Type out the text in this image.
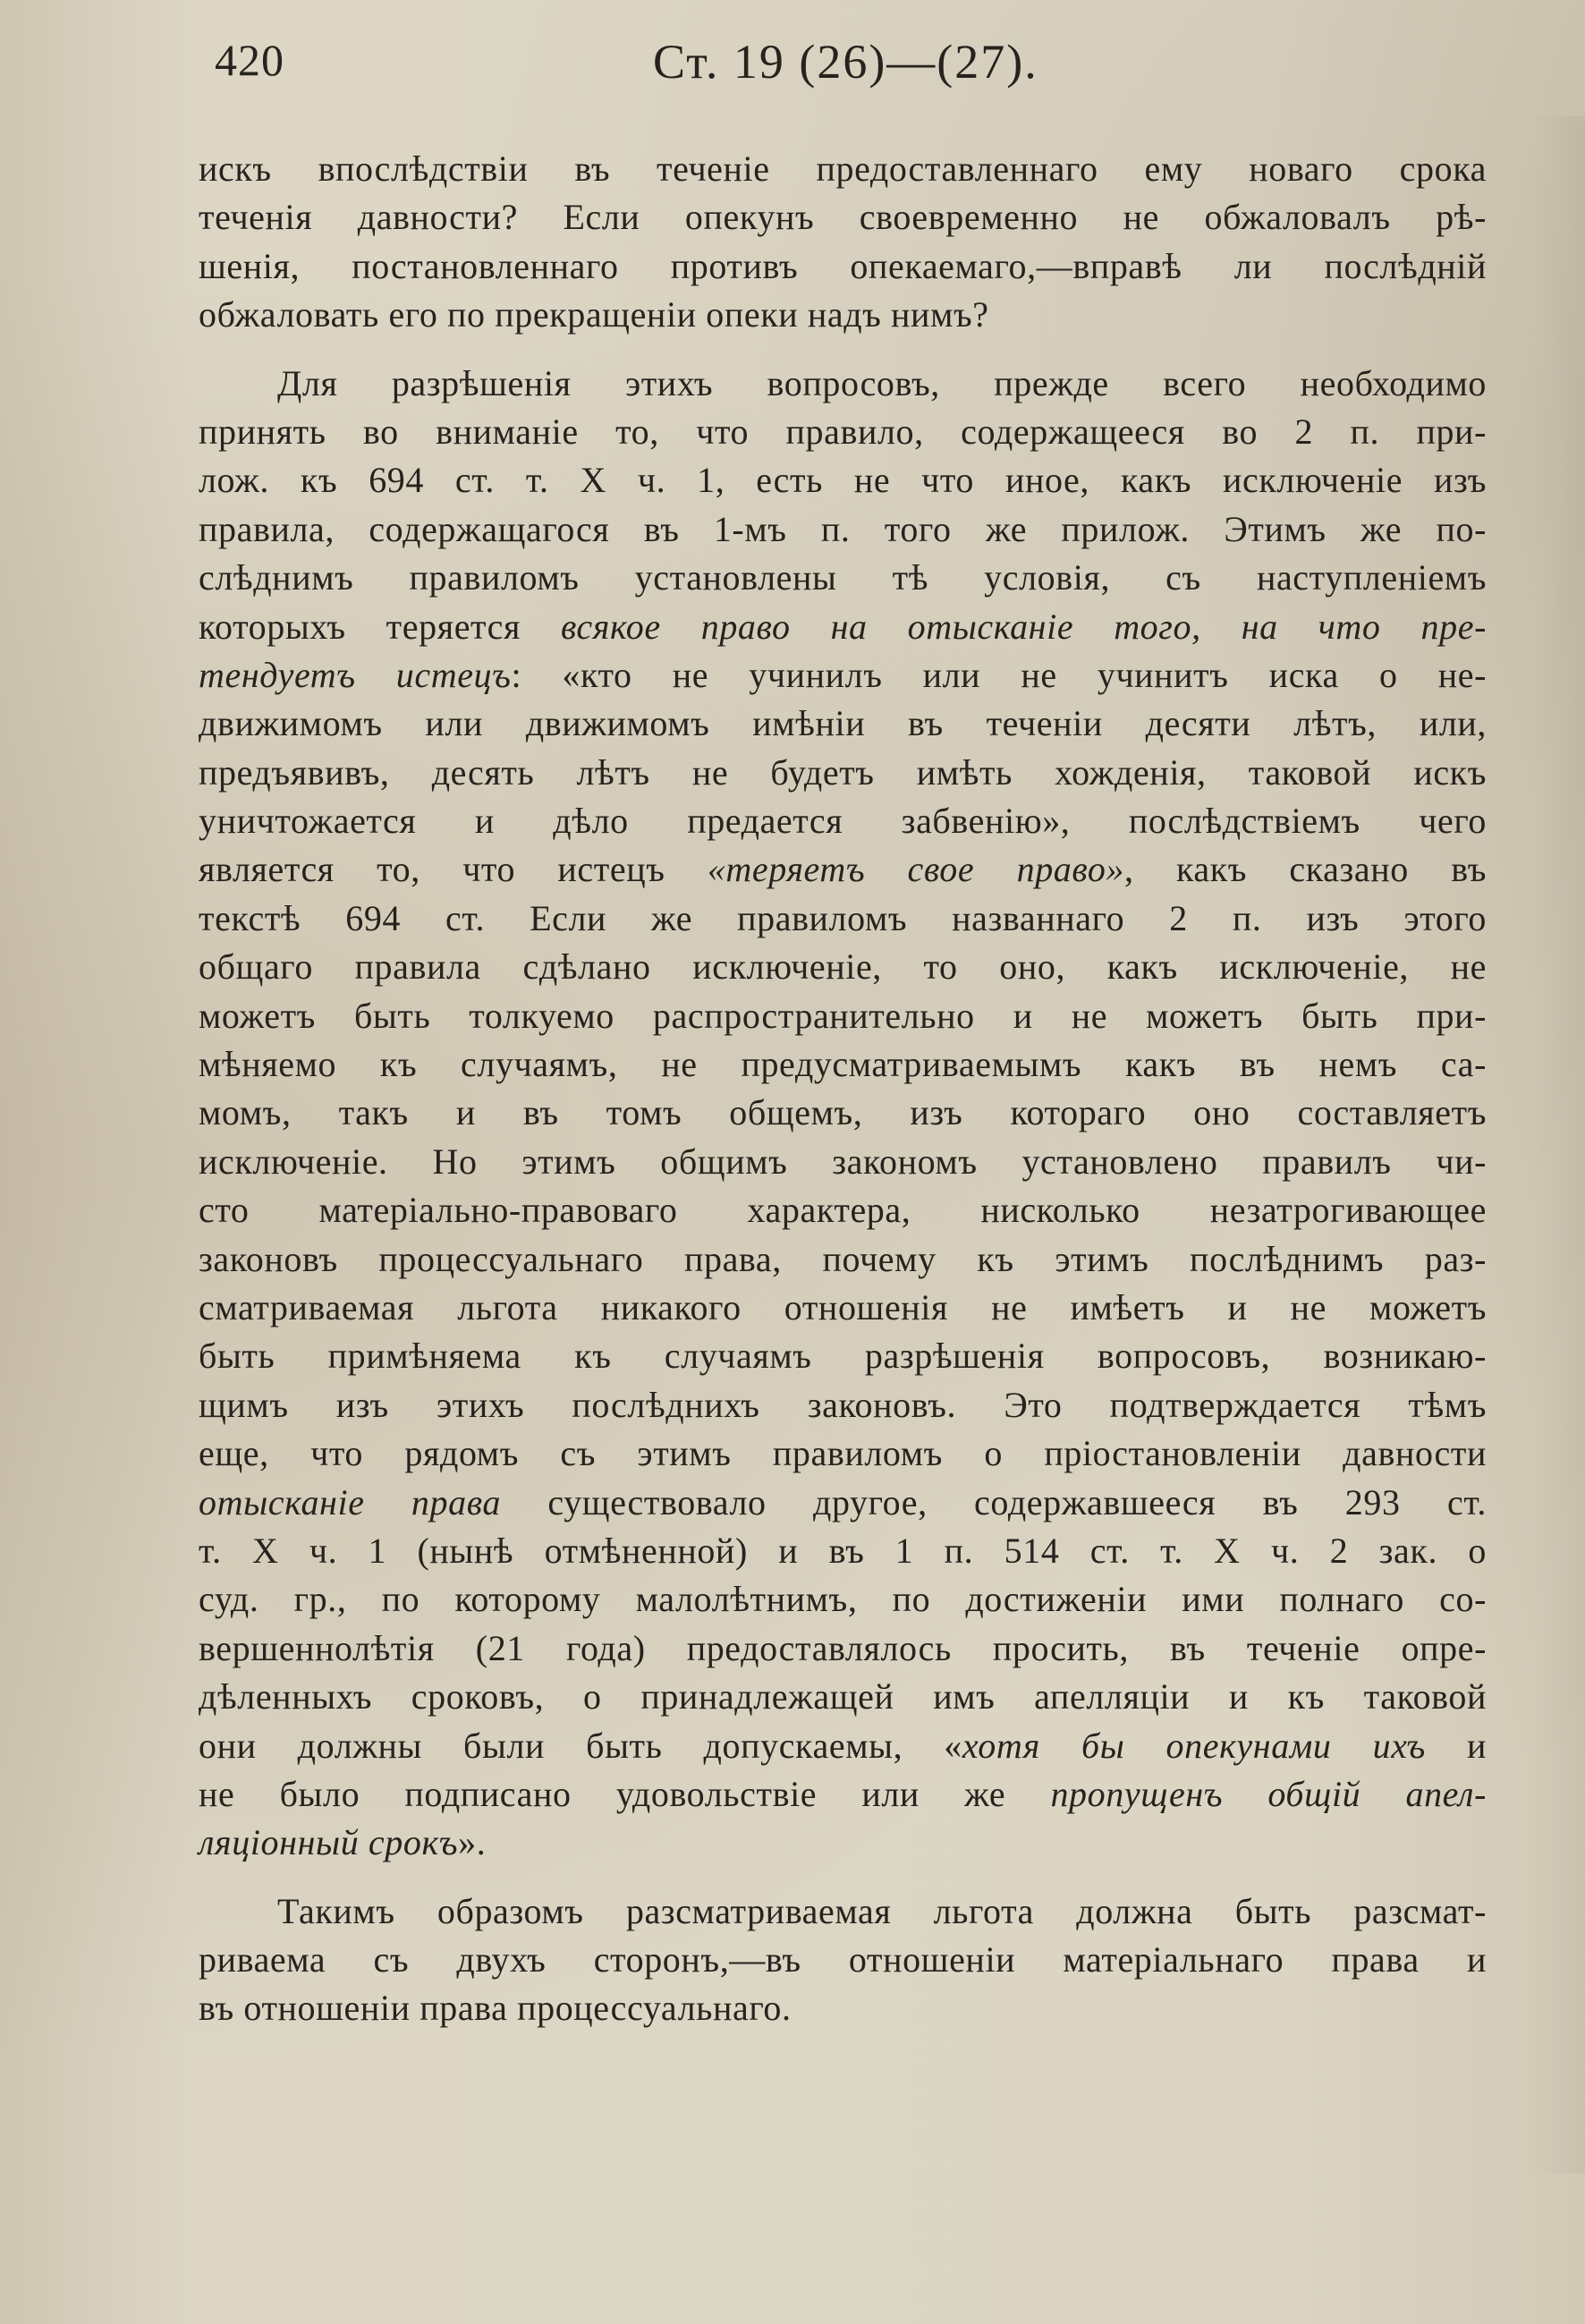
420	Ст. 19 (26)—(27).
искъ впослѣдствіи въ теченіе предоставленнаго ему новаго срока
теченія давности? Если опекунъ своевременно не обжаловалъ рѣ-
шенія, постановленнаго противъ опекаемаго,—вправѣ ли послѣдній
обжаловать его по прекращеніи опеки надъ нимъ?
Для разрѣшенія этихъ вопросовъ, прежде всего необходимо
принять во вниманіе то, что правило, содержащееся во 2 п. при-
лож. къ 694 ст. т. X ч. 1, есть не что иное, какъ исключеніе изъ
правила, содержащагося въ 1-мъ п. того же прилож. Этимъ же по-
слѣднимъ правиломъ установлены тѣ условія, съ наступленіемъ
которыхъ теряется всякое право на отысканіе того, на что пре-
тендуетъ истецъ: «кто не учинилъ или не учинитъ иска о не-
движимомъ или движимомъ имѣніи въ теченіи десяти лѣтъ, или,
предъявивъ, десять лѣтъ не будетъ имѣть хожденія, таковой искъ
уничтожается и дѣло предается забвенію», послѣдствіемъ чего
является то, что истецъ «теряетъ свое право», какъ сказано въ
текстѣ 694 ст. Если же правиломъ названнаго 2 п. изъ этого
общаго правила сдѣлано исключеніе, то оно, какъ исключеніе, не
можетъ быть толкуемо распространительно и не можетъ быть при-
мѣняемо къ случаямъ, не предусматриваемымъ какъ въ немъ са-
момъ, такъ и въ томъ общемъ, изъ котораго оно составляетъ
исключеніе. Но этимъ общимъ закономъ установлено правилъ чи-
сто матеріально-правоваго характера, нисколько незатрогивающее
законовъ процессуальнаго права, почему къ этимъ послѣднимъ раз-
сматриваемая льгота никакого отношенія не имѣетъ и не можетъ
быть примѣняема къ случаямъ разрѣшенія вопросовъ, возникаю-
щимъ изъ этихъ послѣднихъ законовъ. Это подтверждается тѣмъ
еще, что рядомъ съ этимъ правиломъ о пріостановленіи давности
отысканіе права существовало другое, содержавшееся въ 293 ст.
т. X ч. 1 (нынѣ отмѣненной) и въ 1 п. 514 ст. т. X ч. 2 зак. о
суд. гр., по которому малолѣтнимъ, по достиженіи ими полнаго со-
вершеннолѣтія (21 года) предоставлялось просить, въ теченіе опре-
дѣленныхъ сроковъ, о принадлежащей имъ апелляціи и къ таковой
они должны были быть допускаемы, «хотя бы опекунами ихъ и
не было подписано удовольствіе или же пропущенъ общій апел-
ляціонный срокъ».
Такимъ образомъ разсматриваемая льгота должна быть разсмат-
риваема съ двухъ сторонъ,—въ отношеніи матеріальнаго права и
въ отношеніи права процессуальнаго.
